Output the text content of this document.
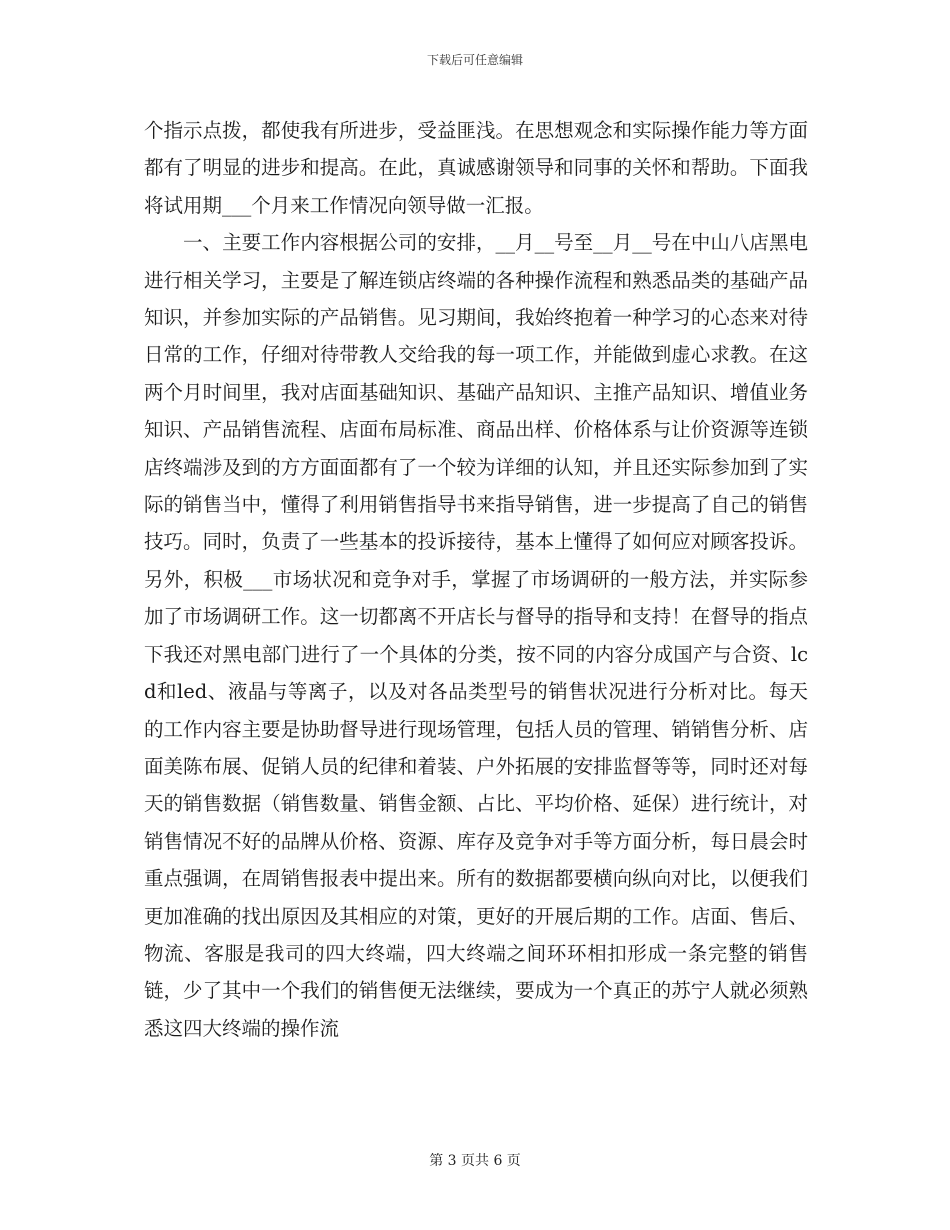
下载后可任意编辑

个指示点拨，都使我有所进步，受益匪浅。在思想观念和实际操作能力等方面都有了明显的进步和提高。在此，真诚感谢领导和同事的关怀和帮助。下面我将试用期___个月来工作情况向领导做一汇报。

一、主要工作内容根据公司的安排，__月__号至__月__号在中山八店黑电进行相关学习，主要是了解连锁店终端的各种操作流程和熟悉品类的基础产品知识，并参加实际的产品销售。见习期间，我始终抱着一种学习的心态来对待日常的工作，仔细对待带教人交给我的每一项工作，并能做到虚心求教。在这两个月时间里，我对店面基础知识、基础产品知识、主推产品知识、增值业务知识、产品销售流程、店面布局标准、商品出样、价格体系与让价资源等连锁店终端涉及到的方方面面都有了一个较为详细的认知，并且还实际参加到了实际的销售当中，懂得了利用销售指导书来指导销售，进一步提高了自己的销售技巧。同时，负责了一些基本的投诉接待，基本上懂得了如何应对顾客投诉。另外，积极___市场状况和竞争对手，掌握了市场调研的一般方法，并实际参加了市场调研工作。这一切都离不开店长与督导的指导和支持！在督导的指点下我还对黑电部门进行了一个具体的分类，按不同的内容分成国产与合资、lcd和led、液晶与等离子，以及对各品类型号的销售状况进行分析对比。每天的工作内容主要是协助督导进行现场管理，包括人员的管理、销销售分析、店面美陈布展、促销人员的纪律和着装、户外拓展的安排监督等等，同时还对每天的销售数据（销售数量、销售金额、占比、平均价格、延保）进行统计，对销售情况不好的品牌从价格、资源、库存及竞争对手等方面分析，每日晨会时重点强调，在周销售报表中提出来。所有的数据都要横向纵向对比，以便我们更加准确的找出原因及其相应的对策，更好的开展后期的工作。店面、售后、物流、客服是我司的四大终端，四大终端之间环环相扣形成一条完整的销售链，少了其中一个我们的销售便无法继续，要成为一个真正的苏宁人就必须熟悉这四大终端的操作流

第 3 页共 6 页
